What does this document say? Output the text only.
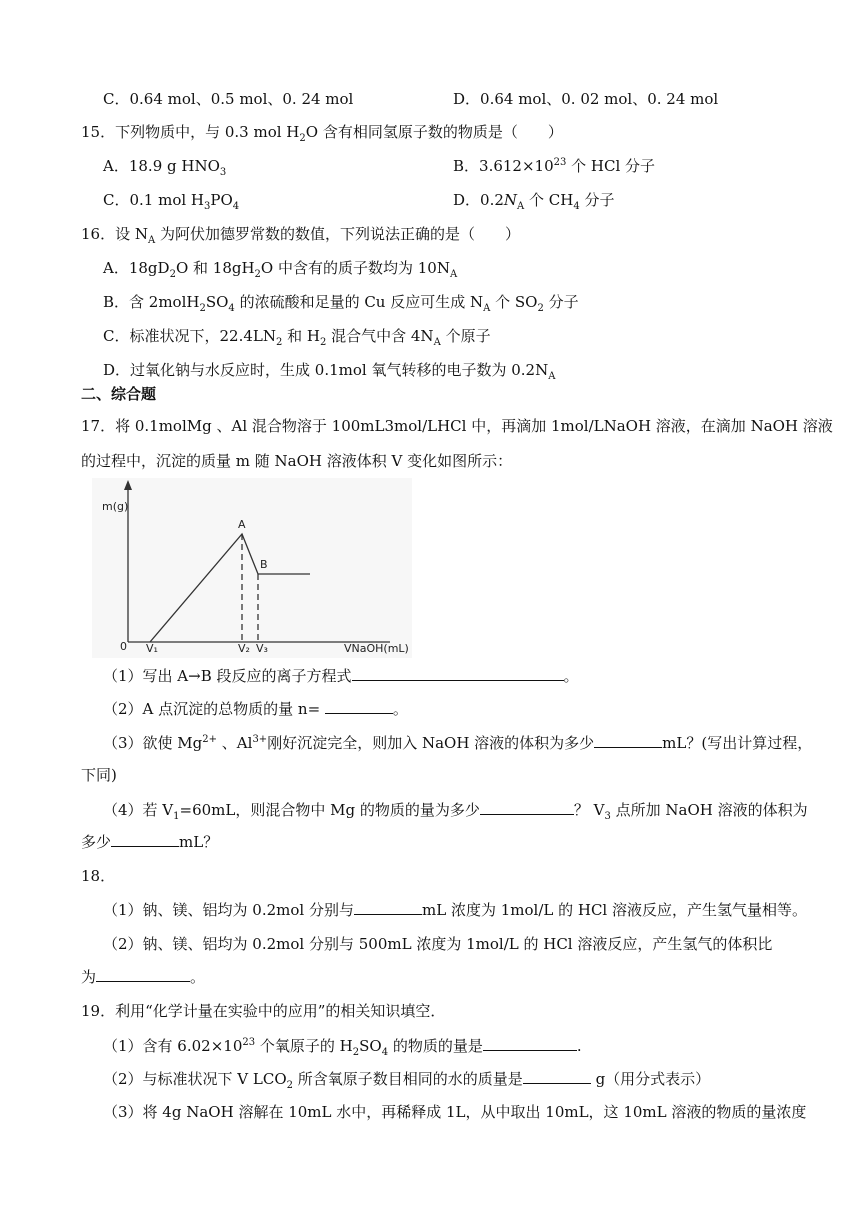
C．0.64 mol、0.5 mol、0. 24 mol	D．0.64 mol、0. 02 mol、0. 24 mol
15．下列物质中，与 0.3 mol $H_2O$ 含有相同氢原子数的物质是（　　）
A．18.9 g $HNO_3$	B．$3.612\times 10^{23}$ 个 HCl 分子
C．0.1 mol $H_3PO_4$	D．$0.2N_A$ 个 $CH_4$ 分子
16．设 $N_A$ 为阿伏加德罗常数的数值，下列说法正确的是（　　）
A．$18gD_2O$ 和 $18gH_2O$ 中含有的质子数均为 $10N_A$
B．含 $2molH_2SO_4$ 的浓硫酸和足量的 Cu 反应可生成 $N_A$ 个 $SO_2$ 分子
C．标准状况下，$22.4LN_2$ 和 $H_2$ 混合气中含 $4N_A$ 个原子
D．过氧化钠与水反应时，生成 0.1mol 氧气转移的电子数为 $0.2N_A$
二、综合题
17．将 0.1molMg 、Al 混合物溶于 100mL3mol/LHCl 中，再滴加 1mol/LNaOH 溶液，在滴加 NaOH 溶液
的过程中，沉淀的质量 m 随 NaOH 溶液体积 V 变化如图所示：
m(g)
0 V₁
A
B
V₂ V₃	VNaOH(mL)
（1）写出 A→B 段反应的离子方程式	。
（2）A 点沉淀的总物质的量 n=	。
（3）欲使 $Mg^{2+}$ 、$Al^{3+}$刚好沉淀完全，则加入 NaOH 溶液的体积为多少	mL？(写出计算过程，
下同)
（4）若 $V_1=60mL$，则混合物中 Mg 的物质的量为多少	？ $V_3$ 点所加 NaOH 溶液的体积为
多少	mL？
18．
（1）钠、镁、铝均为 0.2mol 分别与	mL 浓度为 1mol/L 的 HCl 溶液反应，产生氢气量相等。
（2）钠、镁、铝均为 0.2mol 分别与 500mL 浓度为 1mol/L 的 HCl 溶液反应，产生氢气的体积比
为	。
19．利用“化学计量在实验中的应用”的相关知识填空．
（1）含有 $6.02\times 10^{23}$ 个氧原子的 $H_2SO_4$ 的物质的量是	.
（2）与标准状况下 V $LCO_2$ 所含氧原子数目相同的水的质量是	g（用分式表示）
（3）将 4g NaOH 溶解在 10mL 水中，再稀释成 1L，从中取出 10mL，这 10mL 溶液的物质的量浓度
